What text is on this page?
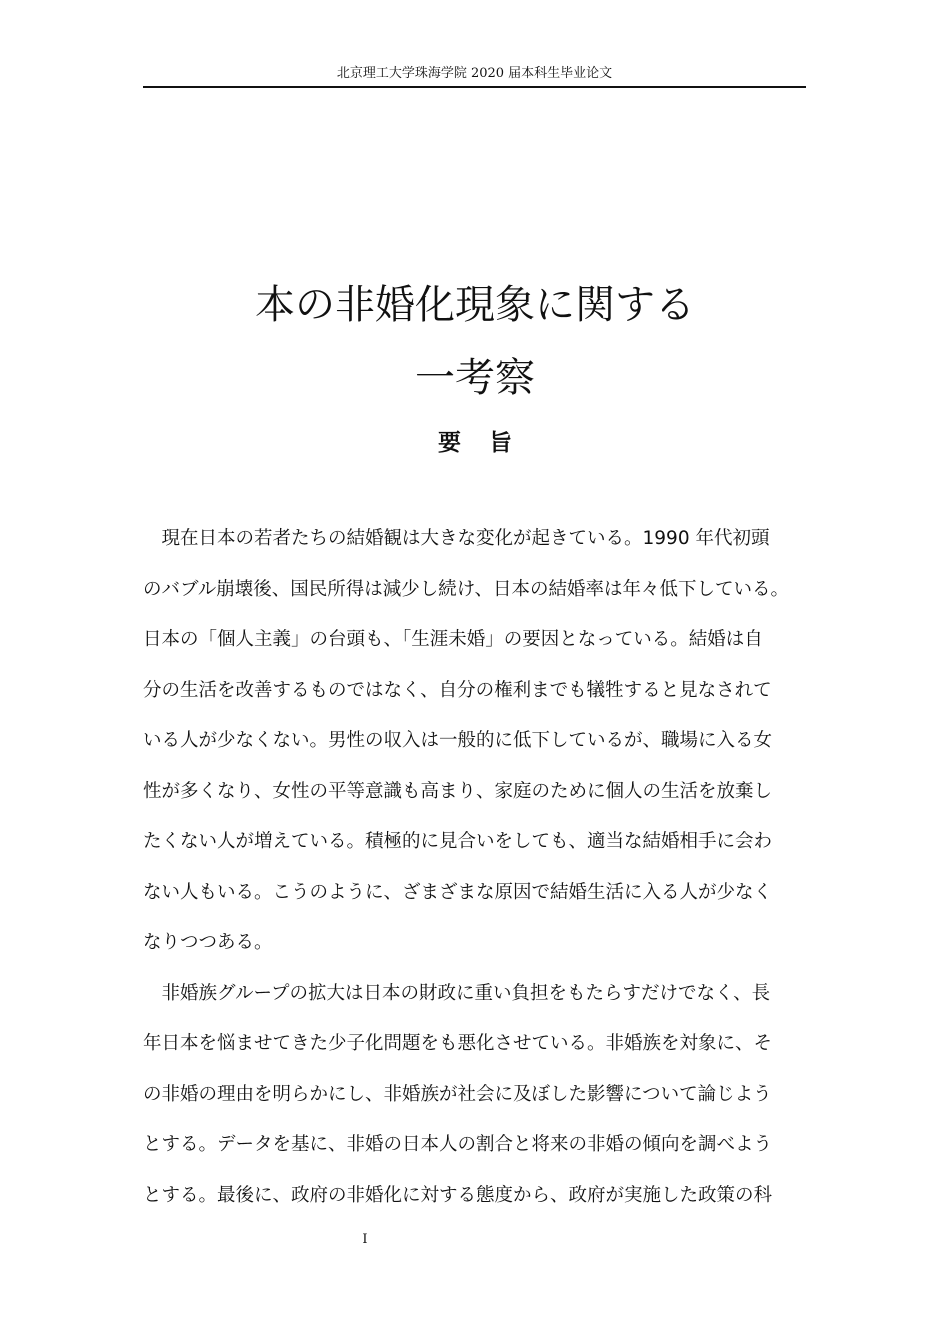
北京理工大学珠海学院 2020 届本科生毕业论文
本の非婚化現象に関する
一考察
要旨
　現在日本の若者たちの結婚観は大きな変化が起きている。1990 年代初頭
のバブル崩壊後、国民所得は減少し続け、日本の結婚率は年々低下している。
日本の「個人主義」の台頭も、「生涯未婚」の要因となっている。結婚は自
分の生活を改善するものではなく、自分の権利までも犠牲すると見なされて
いる人が少なくない。男性の収入は一般的に低下しているが、職場に入る女
性が多くなり、女性の平等意識も高まり、家庭のために個人の生活を放棄し
たくない人が増えている。積極的に見合いをしても、適当な結婚相手に会わ
ない人もいる。こうのように、ざまざまな原因で結婚生活に入る人が少なく
なりつつある。
　非婚族グループの拡大は日本の財政に重い負担をもたらすだけでなく、長
年日本を悩ませてきた少子化問題をも悪化させている。非婚族を対象に、そ
の非婚の理由を明らかにし、非婚族が社会に及ぼした影響について論じよう
とする。データを基に、非婚の日本人の割合と将来の非婚の傾向を調べよう
とする。最後に、政府の非婚化に対する態度から、政府が実施した政策の科
I
